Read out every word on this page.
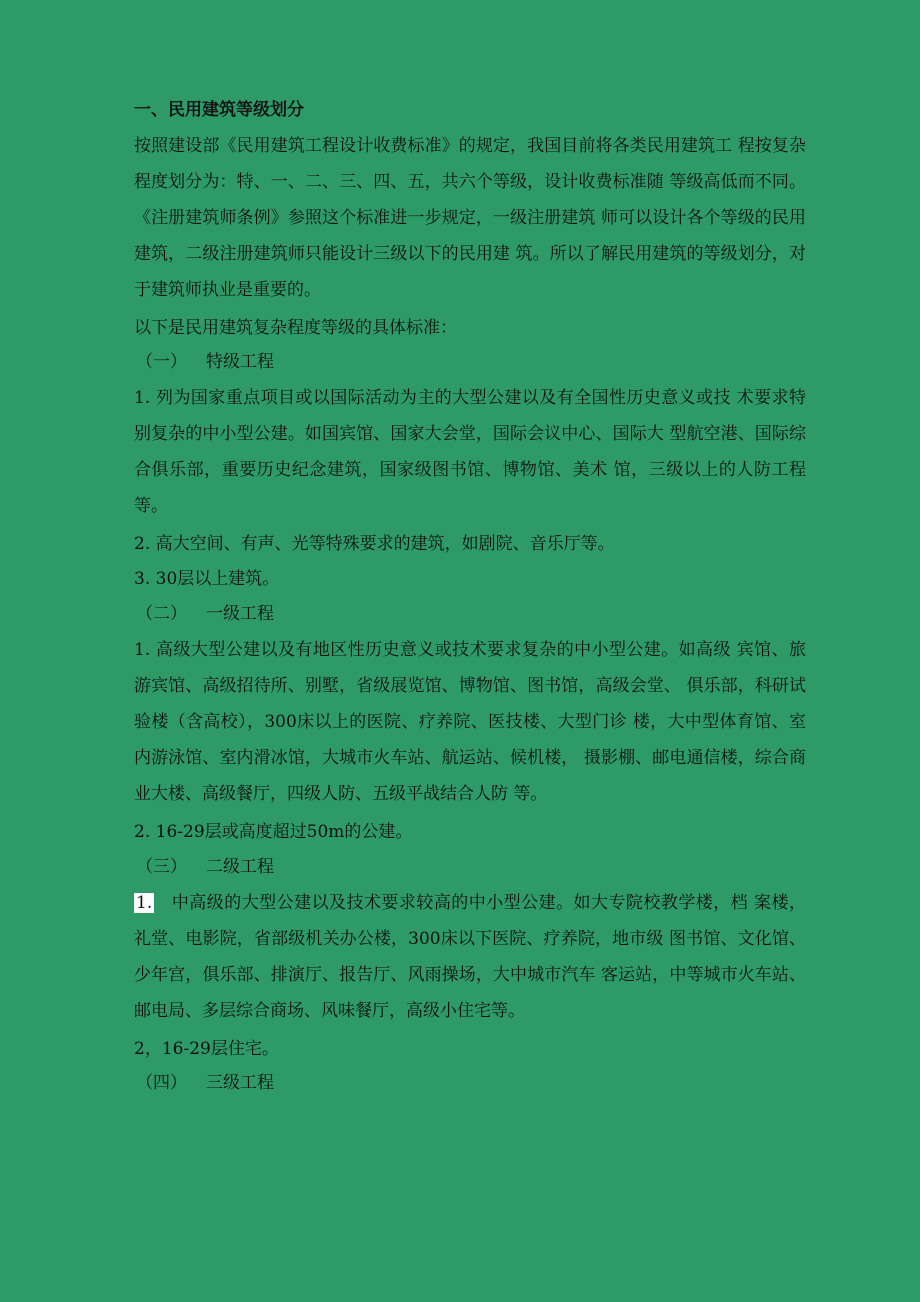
一、民用建筑等级划分
按照建设部《民用建筑工程设计收费标准》的规定，我国目前将各类民用建筑工 程按复杂程度划分为：特、一、二、三、四、五，共六个等级，设计收费标准随 等级高低而不同。《注册建筑师条例》参照这个标准进一步规定，一级注册建筑 师可以设计各个等级的民用建筑，二级注册建筑师只能设计三级以下的民用建 筑。所以了解民用建筑的等级划分，对于建筑师执业是重要的。
以下是民用建筑复杂程度等级的具体标准：
（一） 特级工程
1. 列为国家重点项目或以国际活动为主的大型公建以及有全国性历史意义或技 术要求特别复杂的中小型公建。如国宾馆、国家大会堂，国际会议中心、国际大 型航空港、国际综合俱乐部，重要历史纪念建筑，国家级图书馆、博物馆、美术 馆，三级以上的人防工程等。
2. 高大空间、有声、光等特殊要求的建筑，如剧院、音乐厅等。
3. 30层以上建筑。
（二） 一级工程
1. 高级大型公建以及有地区性历史意义或技术要求复杂的中小型公建。如高级 宾馆、旅游宾馆、高级招待所、别墅，省级展览馆、博物馆、图书馆，高级会堂、 俱乐部，科研试验楼（含高校），300床以上的医院、疗养院、医技楼、大型门诊 楼，大中型体育馆、室内游泳馆、室内滑冰馆，大城市火车站、航运站、候机楼， 摄影棚、邮电通信楼，综合商业大楼、高级餐厅，四级人防、五级平战结合人防 等。
2. 16-29层或高度超过50m的公建。
（三） 二级工程
1. 中高级的大型公建以及技术要求较高的中小型公建。如大专院校教学楼，档 案楼， 礼堂、电影院，省部级机关办公楼，300床以下医院、疗养院，地市级 图书馆、文化馆、少年宫，俱乐部、排演厅、报告厅、风雨操场，大中城市汽车 客运站，中等城市火车站、邮电局、多层综合商场、风味餐厅，高级小住宅等。
2，16-29层住宅。
（四） 三级工程
